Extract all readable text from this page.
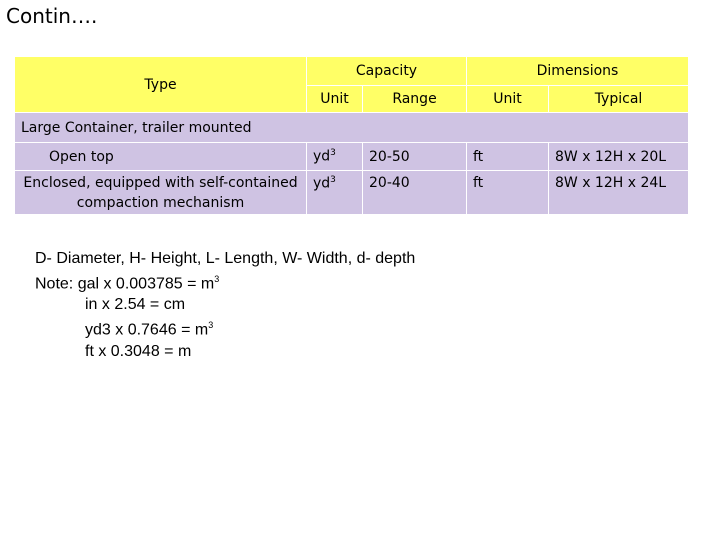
Contin….
Type	Capacity		Dimensions	
	Unit	Range	Unit	Typical
Large Container, trailer mounted				
Open top	$yd^3$	20-50	ft	8W x 12H x 20L
Enclosed, equipped with self-contained compaction mechanism	$yd^3$	20-40	ft	8W x 12H x 24L
D- Diameter, H- Height, L- Length, W- Width, d- depth
Note: gal x $0.003785 = m^3$
in x 2.54 = cm
yd3 x $0.7646 = m^3$
ft x 0.3048 = m
